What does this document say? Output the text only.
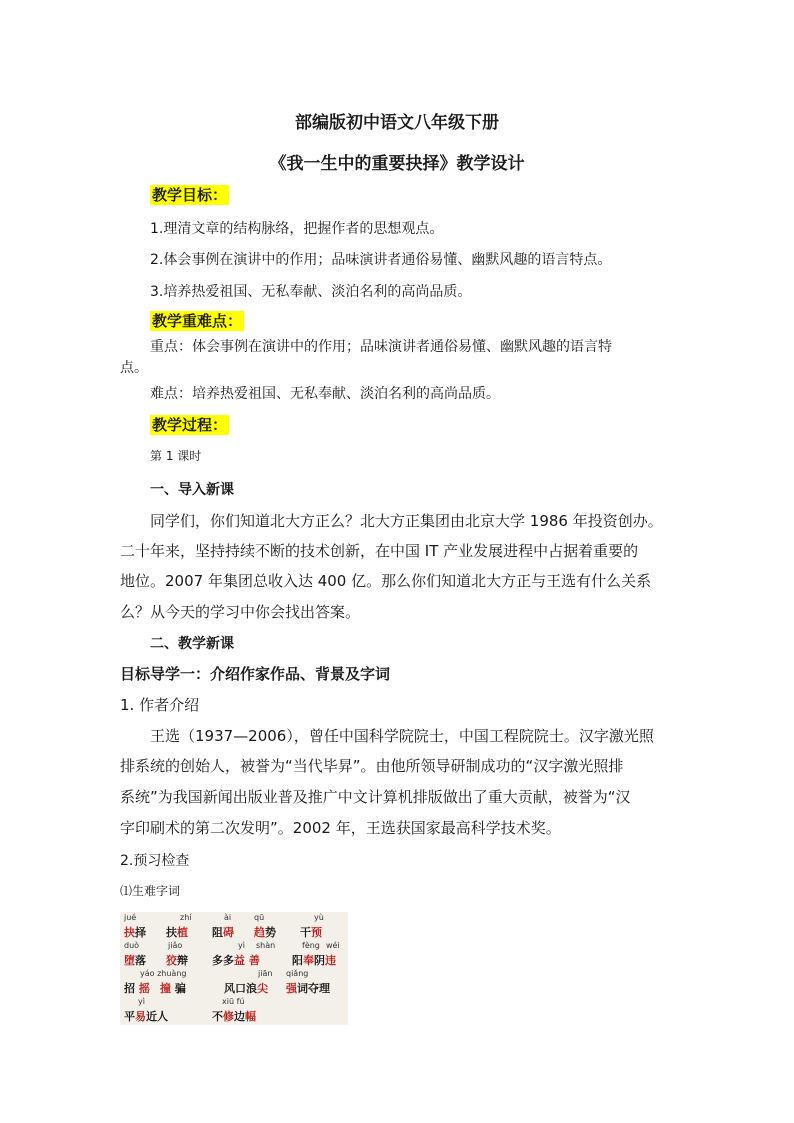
部编版初中语文八年级下册
《我一生中的重要抉择》教学设计
教学目标：
1.理清文章的结构脉络，把握作者的思想观点。
2.体会事例在演讲中的作用；品味演讲者通俗易懂、幽默风趣的语言特点。
3.培养热爱祖国、无私奉献、淡泊名利的高尚品质。
教学重难点：
重点：体会事例在演讲中的作用；品味演讲者通俗易懂、幽默风趣的语言特
点。
难点：培养热爱祖国、无私奉献、淡泊名利的高尚品质。
教学过程：
第 1 课时
一、导入新课
同学们，你们知道北大方正么？北大方正集团由北京大学 1986 年投资创办。
二十年来，坚持持续不断的技术创新，在中国 IT 产业发展进程中占据着重要的
地位。2007 年集团总收入达 400 亿。那么你们知道北大方正与王选有什么关系
么？从今天的学习中你会找出答案。
二、教学新课
目标导学一：介绍作家作品、背景及字词
1. 作者介绍
王选（1937—2006），曾任中国科学院院士，中国工程院院士。汉字激光照
排系统的创始人，被誉为“当代毕昇”。由他所领导研制成功的“汉字激光照排
系统”为我国新闻出版业普及推广中文计算机排版做出了重大贡献，被誉为“汉
字印刷术的第二次发明”。2002 年，王选获国家最高科学技术奖。
2.预习检查
⑴生难字词
jué	zhí	ài	qū	yù
抉择 扶植 阻碍 趋势 干预
duò	jiǎo	yì shàn	fèng wéi
堕落 狡辩 多多益 善	阳奉阴违
yáo zhuàng	jiān qiǎng
招 摇 撞 骗	风口浪尖 强词夺理
yì	xiū fú
平易近人	不修边幅
